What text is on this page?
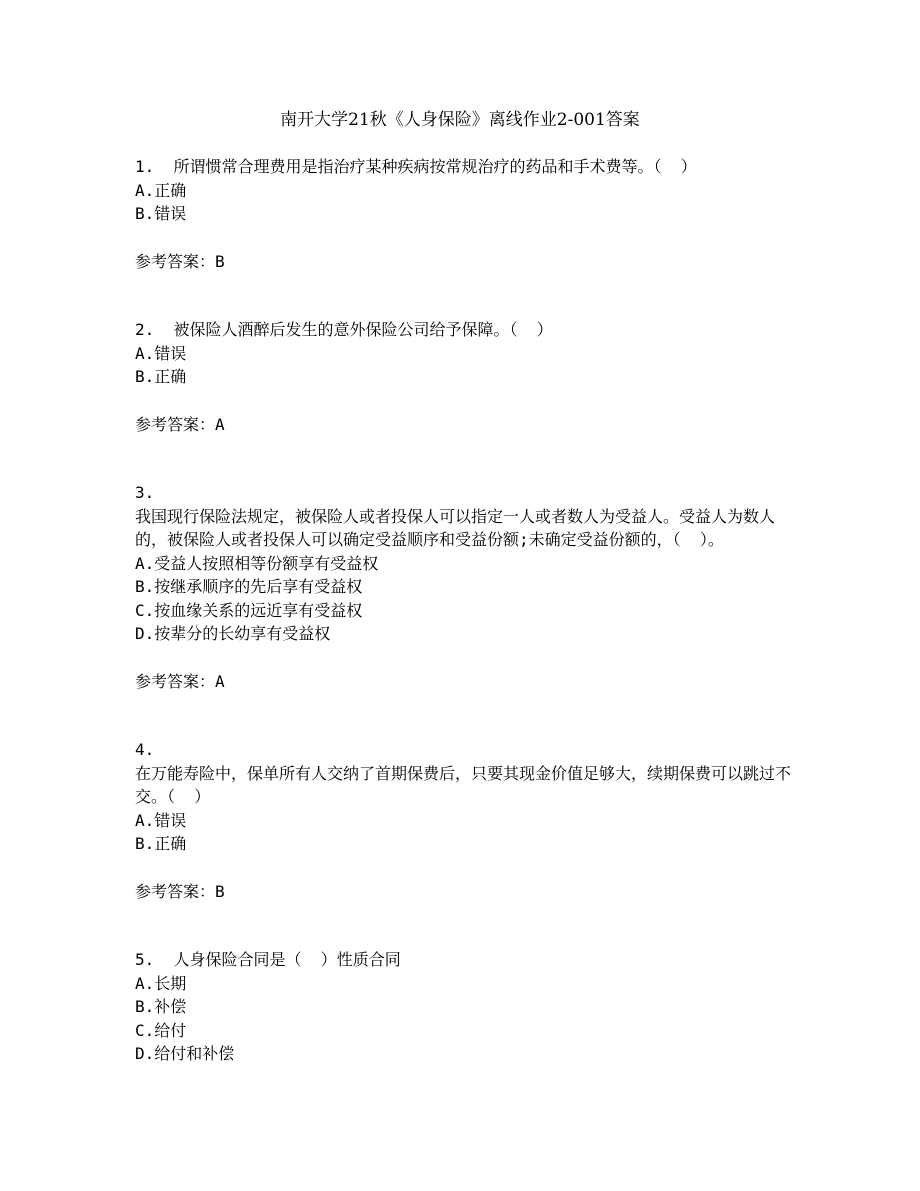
南开大学21秋《人身保险》离线作业2-001答案
1. 所谓惯常合理费用是指治疗某种疾病按常规治疗的药品和手术费等。（  ）
A.正确
B.错误
参考答案：B
2. 被保险人酒醉后发生的意外保险公司给予保障。（  ）
A.错误
B.正确
参考答案：A
3.
我国现行保险法规定，被保险人或者投保人可以指定一人或者数人为受益人。受益人为数人的，被保险人或者投保人可以确定受益顺序和受益份额;未确定受益份额的，（  ）。
A.受益人按照相等份额享有受益权
B.按继承顺序的先后享有受益权
C.按血缘关系的远近享有受益权
D.按辈分的长幼享有受益权
参考答案：A
4.
在万能寿险中，保单所有人交纳了首期保费后，只要其现金价值足够大，续期保费可以跳过不交。（  ）
A.错误
B.正确
参考答案：B
5. 人身保险合同是（  ）性质合同
A.长期
B.补偿
C.给付
D.给付和补偿
